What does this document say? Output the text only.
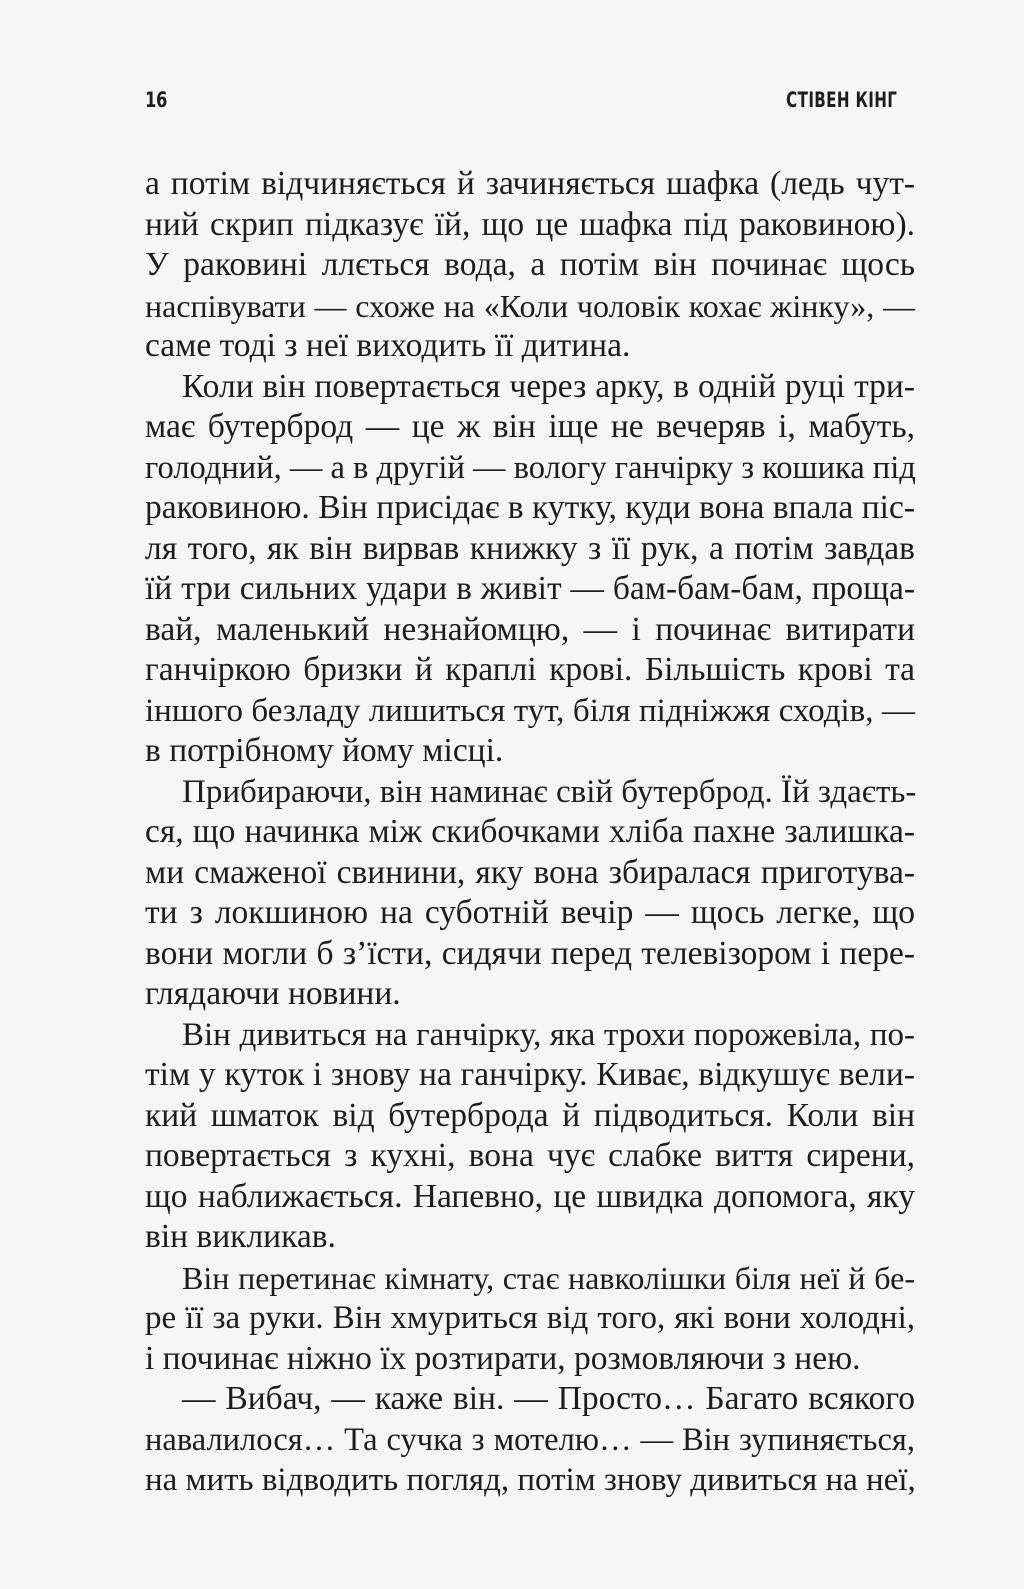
16	СТІВЕН КІНГ
а потім відчиняється й зачиняється шафка (ледь чут-
ний скрип підказує їй, що це шафка під раковиною).
У раковині ллється вода, а потім він починає щось
наспівувати — схоже на «Коли чоловік кохає жінку», —
саме тоді з неї виходить її дитина.
Коли він повертається через арку, в одній руці три-
має бутерброд — це ж він іще не вечеряв і, мабуть,
голодний, — а в другій — вологу ганчірку з кошика під
раковиною. Він присідає в кутку, куди вона впала піс-
ля того, як він вирвав книжку з її рук, а потім завдав
їй три сильних удари в живіт — бам-бам-бам, проща-
вай, маленький незнайомцю, — і починає витирати
ганчіркою бризки й краплі крові. Більшість крові та
іншого безладу лишиться тут, біля підніжжя сходів, —
в потрібному йому місці.
Прибираючи, він наминає свій бутерброд. Їй здаєть-
ся, що начинка між скибочками хліба пахне залишка-
ми смаженої свинини, яку вона збиралася приготува-
ти з локшиною на суботній вечір — щось легке, що
вони могли б з’їсти, сидячи перед телевізором і пере-
глядаючи новини.
Він дивиться на ганчірку, яка трохи порожевіла, по-
тім у куток і знову на ганчірку. Киває, відкушує вели-
кий шматок від бутерброда й підводиться. Коли він
повертається з кухні, вона чує слабке виття сирени,
що наближається. Напевно, це швидка допомога, яку
він викликав.
Він перетинає кімнату, стає навколішки біля неї й бе-
ре її за руки. Він хмуриться від того, які вони холодні,
і починає ніжно їх розтирати, розмовляючи з нею.
— Вибач, — каже він. — Просто… Багато всякого
навалилося… Та сучка з мотелю… — Він зупиняється,
на мить відводить погляд, потім знову дивиться на неї,
